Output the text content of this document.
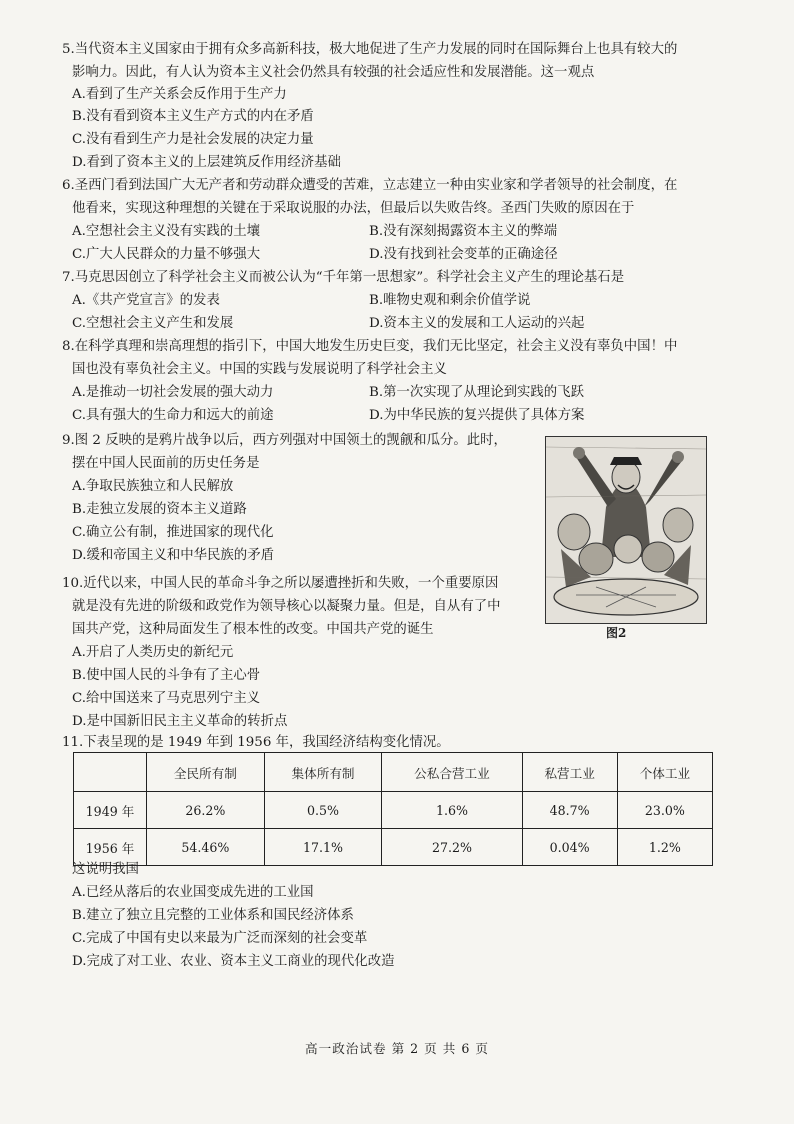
5.当代资本主义国家由于拥有众多高新科技，极大地促进了生产力发展的同时在国际舞台上也具有较大的
影响力。因此，有人认为资本主义社会仍然具有较强的社会适应性和发展潜能。这一观点
A.看到了生产关系会反作用于生产力
B.没有看到资本主义生产方式的内在矛盾
C.没有看到生产力是社会发展的决定力量
D.看到了资本主义的上层建筑反作用经济基础
6.圣西门看到法国广大无产者和劳动群众遭受的苦难，立志建立一种由实业家和学者领导的社会制度，在
他看来，实现这种理想的关键在于采取说服的办法，但最后以失败告终。圣西门失败的原因在于
A.空想社会主义没有实践的土壤	B.没有深刻揭露资本主义的弊端
C.广大人民群众的力量不够强大	D.没有找到社会变革的正确途径
7.马克思因创立了科学社会主义而被公认为“千年第一思想家”。科学社会主义产生的理论基石是
A.《共产党宣言》的发表	B.唯物史观和剩余价值学说
C.空想社会主义产生和发展	D.资本主义的发展和工人运动的兴起
8.在科学真理和崇高理想的指引下，中国大地发生历史巨变，我们无比坚定，社会主义没有辜负中国！中
国也没有辜负社会主义。中国的实践与发展说明了科学社会主义
A.是推动一切社会发展的强大动力	B.第一次实现了从理论到实践的飞跃
C.具有强大的生命力和远大的前途	D.为中华民族的复兴提供了具体方案
9.图 2 反映的是鸦片战争以后，西方列强对中国领土的觊觎和瓜分。此时，
摆在中国人民面前的历史任务是
A.争取民族独立和人民解放
B.走独立发展的资本主义道路
C.确立公有制，推进国家的现代化
D.缓和帝国主义和中华民族的矛盾
图2
10.近代以来，中国人民的革命斗争之所以屡遭挫折和失败，一个重要原因
就是没有先进的阶级和政党作为领导核心以凝聚力量。但是，自从有了中
国共产党，这种局面发生了根本性的改变。中国共产党的诞生
A.开启了人类历史的新纪元
B.使中国人民的斗争有了主心骨
C.给中国送来了马克思列宁主义
D.是中国新旧民主主义革命的转折点
11.下表呈现的是 1949 年到 1956 年，我国经济结构变化情况。
	全民所有制	集体所有制	公私合营工业	私营工业	个体工业
1949 年	26.2%	0.5%	1.6%	48.7%	23.0%
1956 年	54.46%	17.1%	27.2%	0.04%	1.2%
这说明我国
A.已经从落后的农业国变成先进的工业国
B.建立了独立且完整的工业体系和国民经济体系
C.完成了中国有史以来最为广泛而深刻的社会变革
D.完成了对工业、农业、资本主义工商业的现代化改造
高一政治试卷 第 2 页 共 6 页
